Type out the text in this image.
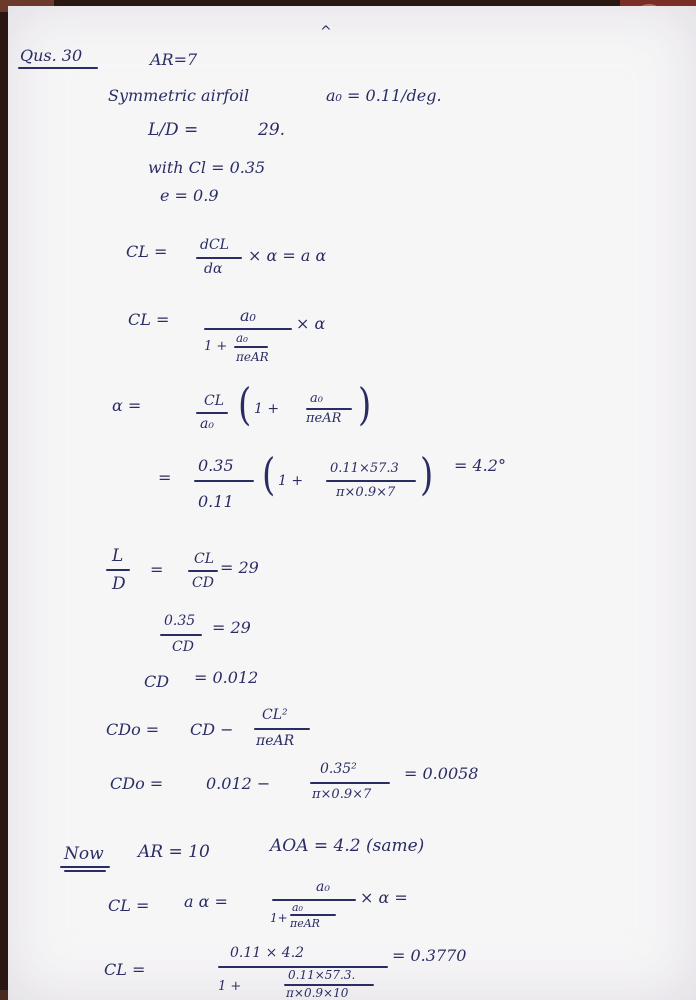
^
Qus. 30	AR=7
Symmetric airfoil	a₀ = 0.11/deg.
L/D =	29.
with Cl = 0.35
e = 0.9
CL = dCL
dα
× α = a α
CL =	a₀
1 +
a₀
πeAR
× α
α =	CL
a₀ ( 1 +
a₀
πeAR )
=
0.35
0.11
( 1 +
0.11×57.3
π×0.9×7 ) = 4.2°
L
D
=
CL
CD
= 29
0.35
CD
= 29
CD = 0.012
CDo = CD −
CL²
πeAR
CDo =	0.012 −
0.35²
π×0.9×7
= 0.0058
Now AR = 10	AOA = 4.2 (same)
CL = a α =
a₀
1+
a₀
πeAR
× α =
CL =
0.11 × 4.2
1 +
0.11×57.3.
π×0.9×10
= 0.3770
